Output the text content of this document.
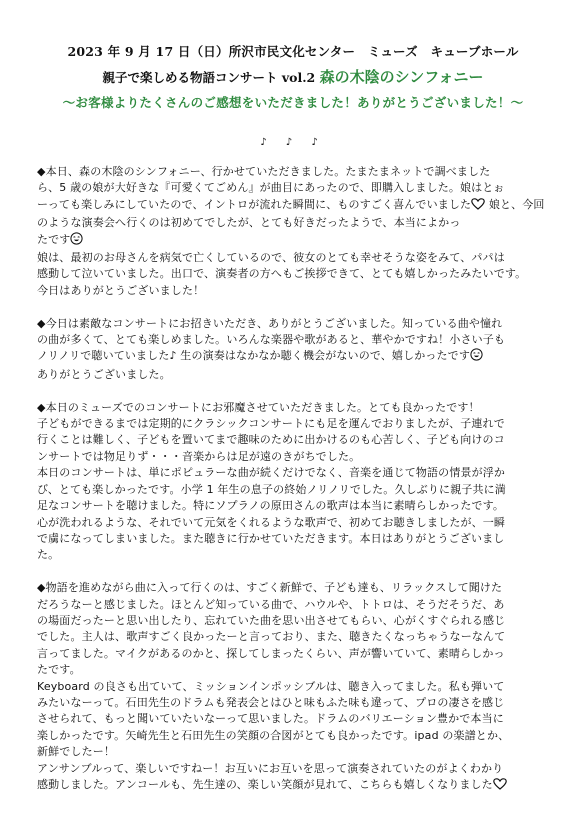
2023 年 9 月 17 日（日）所沢市民文化センター　ミューズ　キューブホール
親子で楽しめる物語コンサート vol.2 森の木陰のシンフォニー
～お客様よりたくさんのご感想をいただきました！ありがとうございました！～
♪ ♪ ♪

◆本日、森の木陰のシンフォニー、行かせていただきました。たまたまネットで調べました

ら、5 歳の娘が大好きな『可愛くてごめん』が曲目にあったので、即購入しました。娘はとぉ

ーっても楽しみにしていたので、イントロが流れた瞬間に、ものすごく喜んでいました 娘と、今回のような演奏会へ行くのは初めてでしたが、とても好きだったようで、本当によかっ

たです

娘は、最初のお母さんを病気で亡くしているので、彼女のとても幸せそうな姿をみて、パパは

感動して泣いていました。出口で、演奏者の方へもご挨拶できて、とても嬉しかったみたいです。

今日はありがとうございました！

◆今日は素敵なコンサートにお招きいただき、ありがとうございました。知っている曲や憧れ

の曲が多くて、とても楽しめました。いろんな楽器や歌があると、華やかですね！小さい子も

ノリノリで聴いていました♪ 生の演奏はなかなか聴く機会がないので、嬉しかったです

ありがとうございました。

◆本日のミューズでのコンサートにお邪魔させていただきました。とても良かったです！

子どもができるまでは定期的にクラシックコンサートにも足を運んでおりましたが、子連れで

行くことは難しく、子どもを置いてまで趣味のために出かけるのも心苦しく、子ども向けのコ

ンサートでは物足りず・・・音楽からは足が遠のきがちでした。

本日のコンサートは、単にポピュラーな曲が続くだけでなく、音楽を通じて物語の情景が浮か

び、とても楽しかったです。小学 1 年生の息子の終始ノリノリでした。久しぶりに親子共に満

足なコンサートを聴けました。特にソプラノの原田さんの歌声は本当に素晴らしかったです。

心が洗われるような、それでいて元気をくれるような歌声で、初めてお聴きしましたが、一瞬

で虜になってしまいました。また聴きに行かせていただきます。本日はありがとうございまし

た。

◆物語を進めながら曲に入って行くのは、すごく新鮮で、子ども達も、リラックスして聞けた

だろうなーと感じました。ほとんど知っている曲で、ハウルや、トトロは、そうだそうだ、あ

の場面だったーと思い出したり、忘れていた曲を思い出させてもらい、心がくすぐられる感じ

でした。主人は、歌声すごく良かったーと言っており、また、聴きたくなっちゃうなーなんて

言ってました。マイクがあるのかと、探してしまったくらい、声が響いていて、素晴らしかっ

たです。

Keyboard の良さも出ていて、ミッションインポッシブルは、聴き入ってました。私も弾いて

みたいなーって。石田先生のドラムも発表会とはひと味もふた味も違って、プロの凄さを感じ

させられて、もっと聞いていたいなーって思いました。ドラムのバリエーション豊かで本当に

楽しかったです。矢崎先生と石田先生の笑顔の合図がとても良かったです。ipad の楽譜とか、

新鮮でしたー！

アンサンブルって、楽しいですねー！お互いにお互いを思って演奏されていたのがよくわかり

感動しました。アンコールも、先生達の、楽しい笑顔が見れて、こちらも嬉しくなりました
